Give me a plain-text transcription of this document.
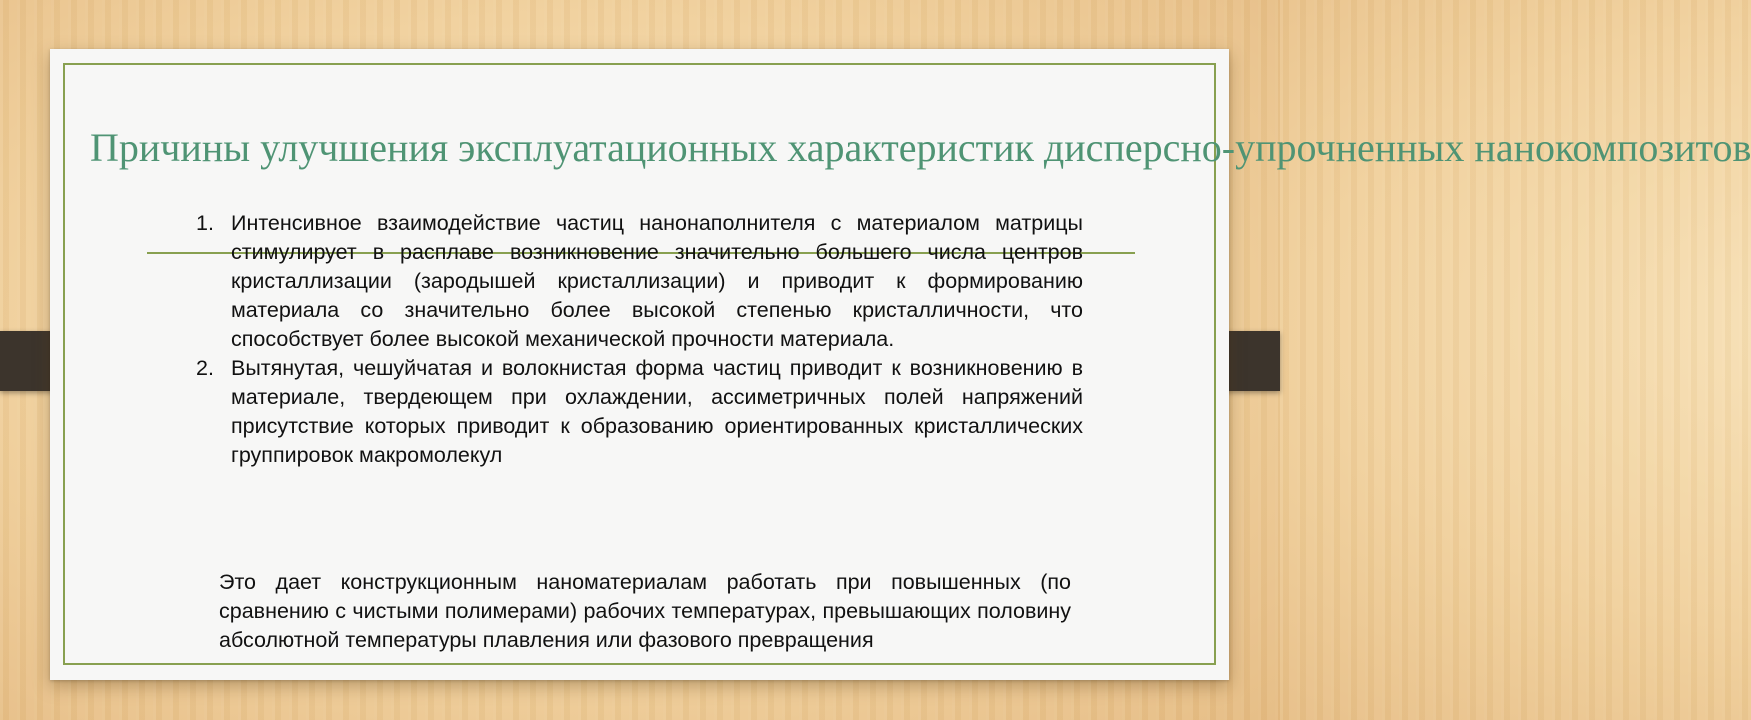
Причины улучшения эксплуатационных характеристик дисперсно-упрочненных нанокомпозитов
1. Интенсивное взаимодействие частиц нанонаполнителя с материалом матрицы стимулирует в расплаве возникновение значительно большего числа центров кристаллизации (зародышей кристаллизации) и приводит к формированию материала со значительно более высокой степенью кристалличности, что способствует более высокой механической прочности материала.
2. Вытянутая, чешуйчатая и волокнистая форма частиц приводит к возникновению в материале, твердеющем при охлаждении, ассиметричных полей напряжений присутствие которых приводит к образованию ориентированных кристаллических группировок макромолекул

Это дает конструкционным наноматериалам работать при повышенных (по сравнению с чистыми полимерами) рабочих температурах, превышающих половину абсолютной температуры плавления или фазового превращения
